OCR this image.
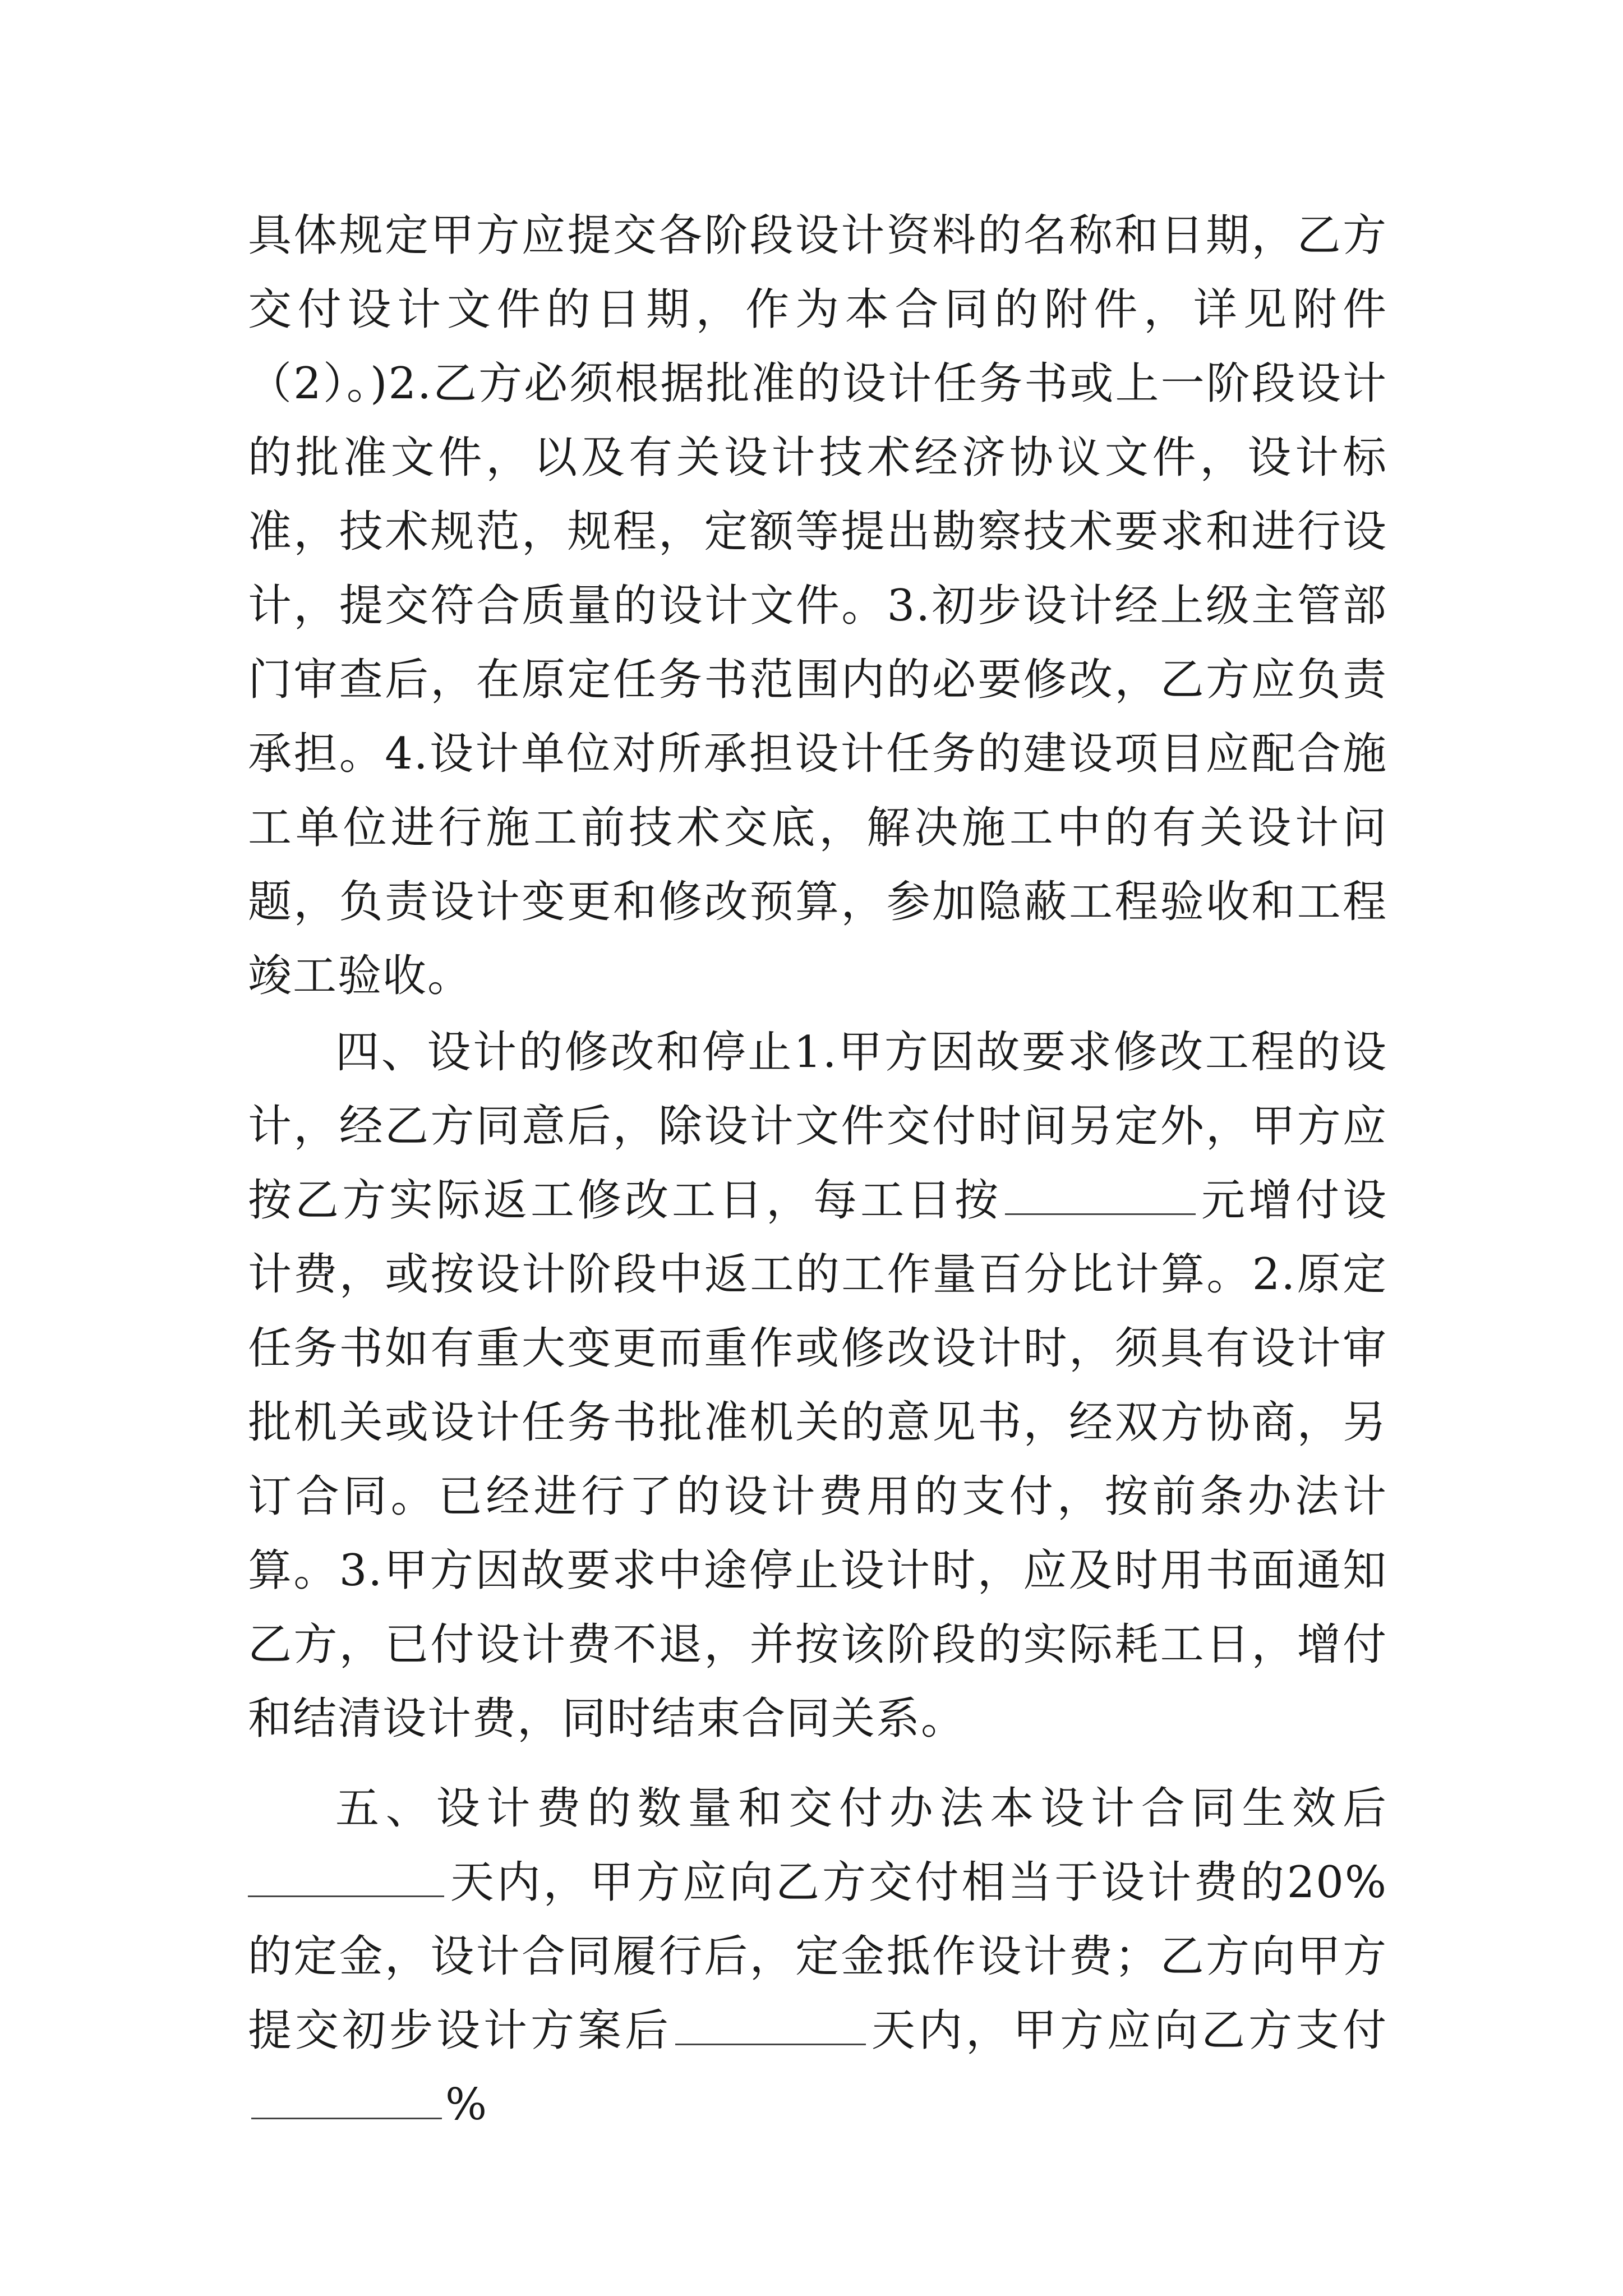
具体规定甲方应提交各阶段设计资料的名称和日期，乙方交付设计文件的日期，作为本合同的附件，详见附件（2）。)2.乙方必须根据批准的设计任务书或上一阶段设计的批准文件，以及有关设计技术经济协议文件，设计标准，技术规范，规程，定额等提出勘察技术要求和进行设计，提交符合质量的设计文件。3.初步设计经上级主管部门审查后，在原定任务书范围内的必要修改，乙方应负责承担。4.设计单位对所承担设计任务的建设项目应配合施工单位进行施工前技术交底，解决施工中的有关设计问题，负责设计变更和修改预算，参加隐蔽工程验收和工程竣工验收。

四、设计的修改和停止1.甲方因故要求修改工程的设计，经乙方同意后，除设计文件交付时间另定外，甲方应按乙方实际返工修改工日，每工日按	元增付设计费，或按设计阶段中返工的工作量百分比计算。2.原定任务书如有重大变更而重作或修改设计时，须具有设计审批机关或设计任务书批准机关的意见书，经双方协商，另订合同。已经进行了的设计费用的支付，按前条办法计算。3.甲方因故要求中途停止设计时，应及时用书面通知乙方，已付设计费不退，并按该阶段的实际耗工日，增付和结清设计费，同时结束合同关系。

五、设计费的数量和交付办法本设计合同生效后天内，甲方应向乙方交付相当于设计费的20%的定金，设计合同履行后，定金抵作设计费；乙方向甲方提交初步设计方案后	天内，甲方应向乙方支付%
